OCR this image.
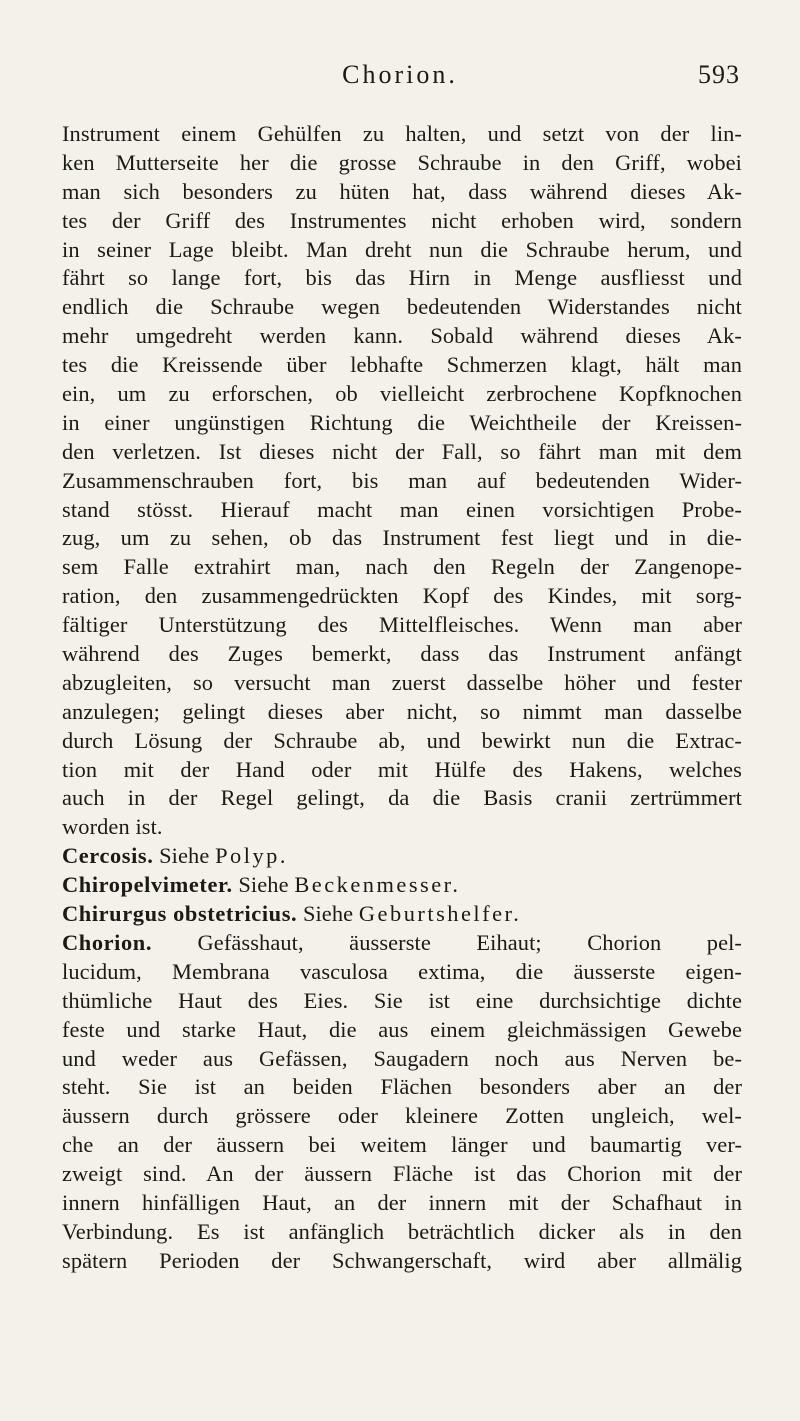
Chorion.	593
Instrument einem Gehülfen zu halten, und setzt von der lin-
ken Mutterseite her die grosse Schraube in den Griff, wobei
man sich besonders zu hüten hat, dass während dieses Ak-
tes der Griff des Instrumentes nicht erhoben wird, sondern
in seiner Lage bleibt. Man dreht nun die Schraube herum, und
fährt so lange fort, bis das Hirn in Menge ausfliesst und
endlich die Schraube wegen bedeutenden Widerstandes nicht
mehr umgedreht werden kann. Sobald während dieses Ak-
tes die Kreissende über lebhafte Schmerzen klagt, hält man
ein, um zu erforschen, ob vielleicht zerbrochene Kopfknochen
in einer ungünstigen Richtung die Weichtheile der Kreissen-
den verletzen. Ist dieses nicht der Fall, so fährt man mit dem
Zusammenschrauben fort, bis man auf bedeutenden Wider-
stand stösst. Hierauf macht man einen vorsichtigen Probe-
zug, um zu sehen, ob das Instrument fest liegt und in die-
sem Falle extrahirt man, nach den Regeln der Zangenope-
ration, den zusammengedrückten Kopf des Kindes, mit sorg-
fältiger Unterstützung des Mittelfleisches. Wenn man aber
während des Zuges bemerkt, dass das Instrument anfängt
abzugleiten, so versucht man zuerst dasselbe höher und fester
anzulegen; gelingt dieses aber nicht, so nimmt man dasselbe
durch Lösung der Schraube ab, und bewirkt nun die Extrac-
tion mit der Hand oder mit Hülfe des Hakens, welches
auch in der Regel gelingt, da die Basis cranii zertrümmert
worden ist.
Cercosis. Siehe Polyp.
Chiropelvimeter. Siehe Beckenmesser.
Chirurgus obstetricius. Siehe Geburtshelfer.
Chorion. Gefässhaut, äusserste Eihaut; Chorion pel-
lucidum, Membrana vasculosa extima, die äusserste eigen-
thümliche Haut des Eies. Sie ist eine durchsichtige dichte
feste und starke Haut, die aus einem gleichmässigen Gewebe
und weder aus Gefässen, Saugadern noch aus Nerven be-
steht. Sie ist an beiden Flächen besonders aber an der
äussern durch grössere oder kleinere Zotten ungleich, wel-
che an der äussern bei weitem länger und baumartig ver-
zweigt sind. An der äussern Fläche ist das Chorion mit der
innern hinfälligen Haut, an der innern mit der Schafhaut in
Verbindung. Es ist anfänglich beträchtlich dicker als in den
spätern Perioden der Schwangerschaft, wird aber allmälig
